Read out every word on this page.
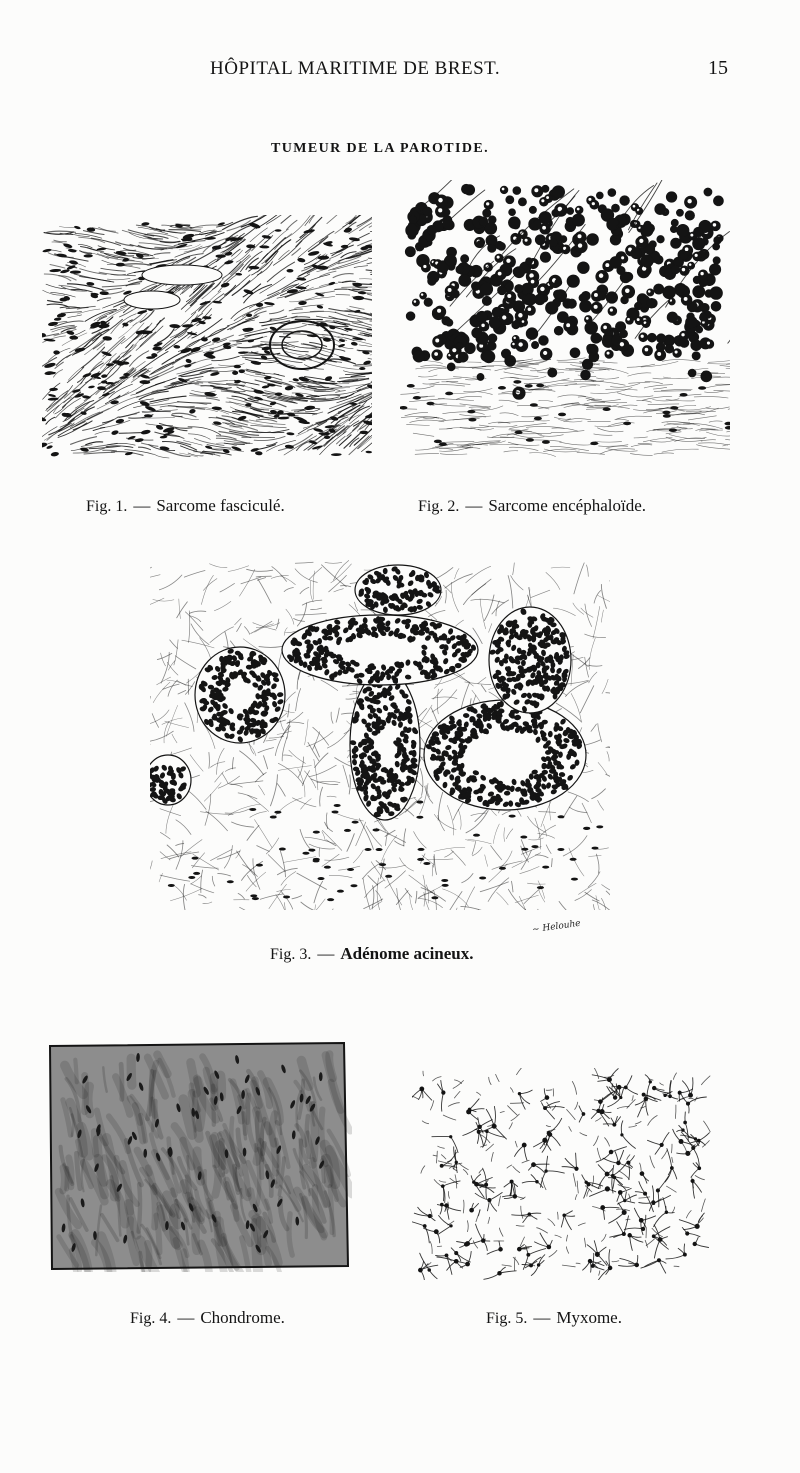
HÔPITAL MARITIME DE BREST.	15
TUMEUR DE LA PAROTIDE.
Fig. 1. — Sarcome fasciculé.	Fig. 2. — Sarcome encéphaloïde.
~ Helouhe
Fig. 3. — Adénome acineux.
Fig. 4. — Chondrome.	Fig. 5. — Myxome.
